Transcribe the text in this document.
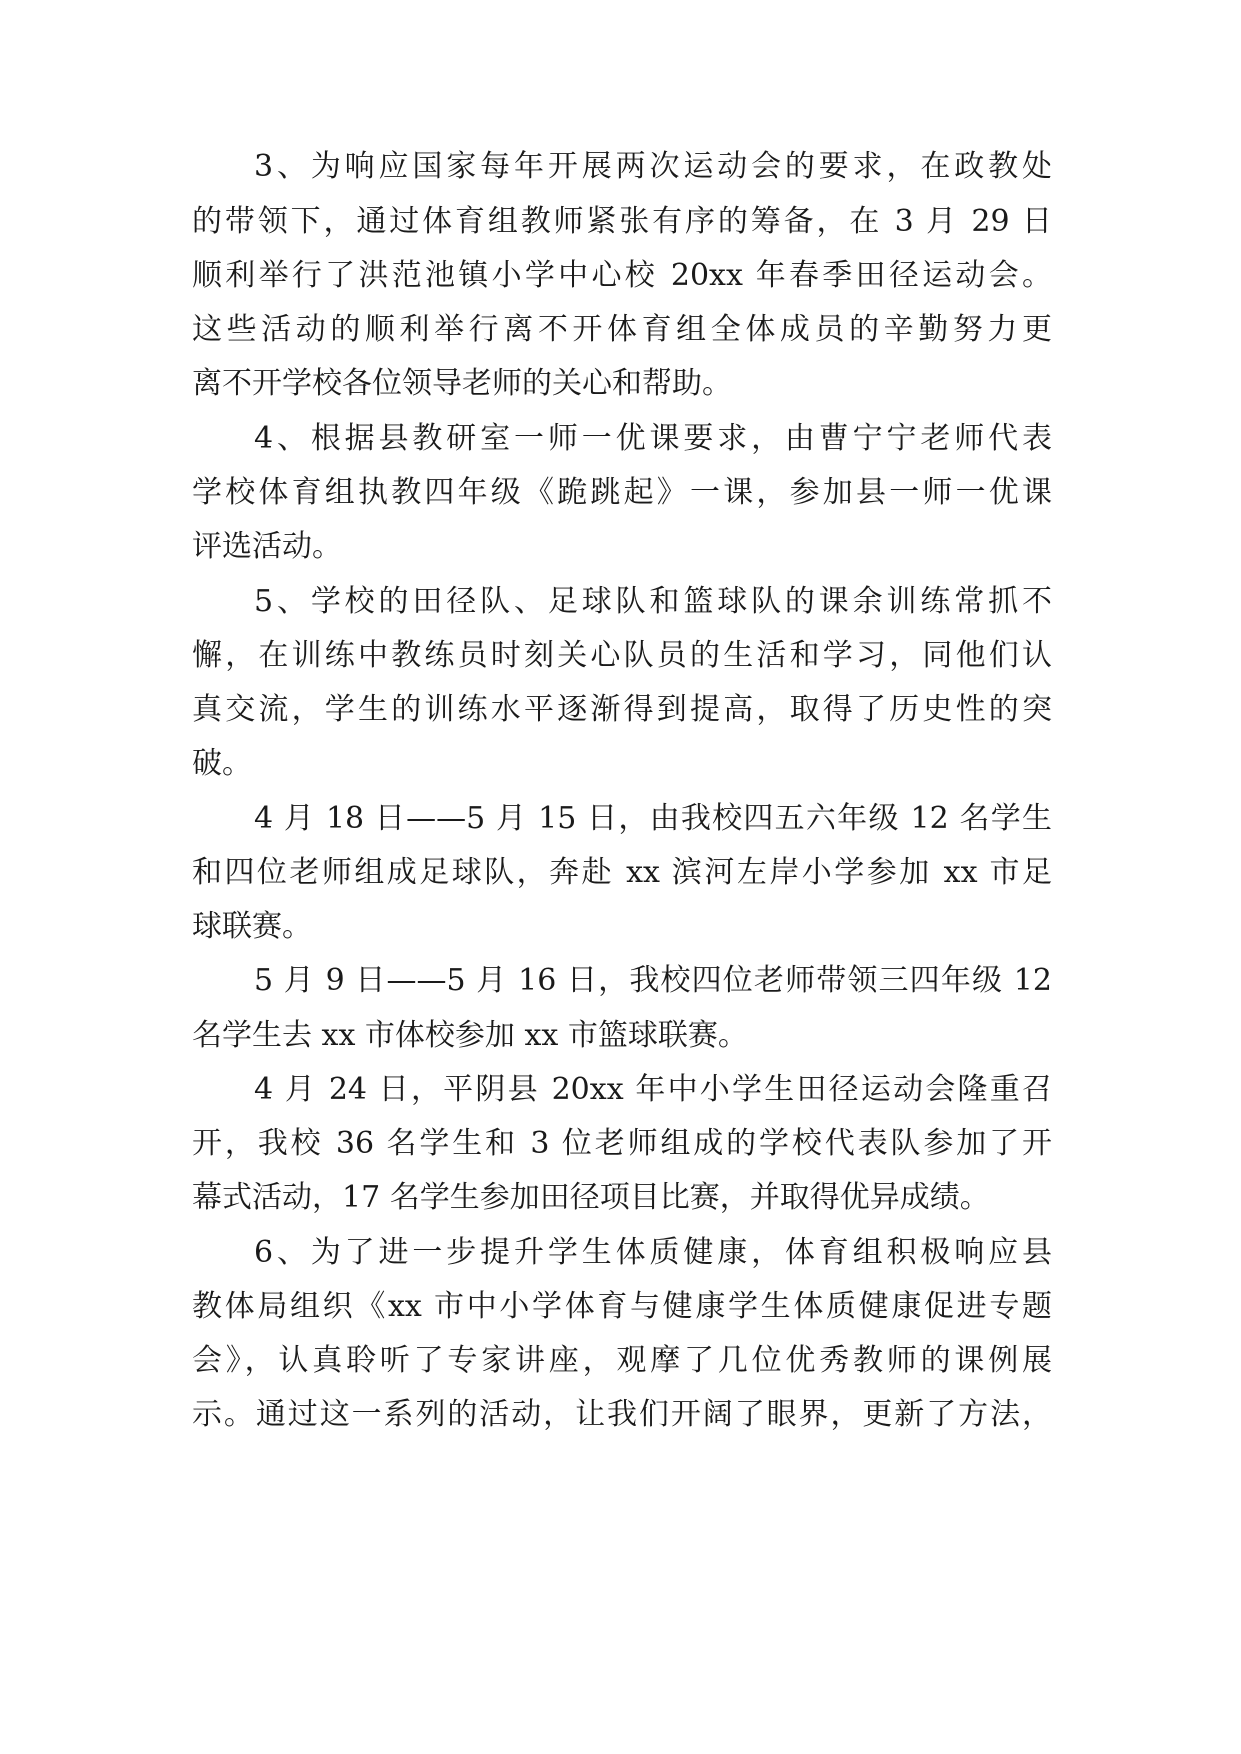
3、为响应国家每年开展两次运动会的要求，在政教处
的带领下，通过体育组教师紧张有序的筹备，在 3 月 29 日
顺利举行了洪范池镇小学中心校 20xx 年春季田径运动会。
这些活动的顺利举行离不开体育组全体成员的辛勤努力更
离不开学校各位领导老师的关心和帮助。
4、根据县教研室一师一优课要求，由曹宁宁老师代表
学校体育组执教四年级《跪跳起》一课，参加县一师一优课
评选活动。
5、学校的田径队、足球队和篮球队的课余训练常抓不
懈，在训练中教练员时刻关心队员的生活和学习，同他们认
真交流，学生的训练水平逐渐得到提高，取得了历史性的突
破。
4 月 18 日——5 月 15 日，由我校四五六年级 12 名学生
和四位老师组成足球队，奔赴 xx 滨河左岸小学参加 xx 市足
球联赛。
5 月 9 日——5 月 16 日，我校四位老师带领三四年级 12
名学生去 xx 市体校参加 xx 市篮球联赛。
4 月 24 日，平阴县 20xx 年中小学生田径运动会隆重召
开，我校 36 名学生和 3 位老师组成的学校代表队参加了开
幕式活动，17 名学生参加田径项目比赛，并取得优异成绩。
6、为了进一步提升学生体质健康，体育组积极响应县
教体局组织《xx 市中小学体育与健康学生体质健康促进专题
会》，认真聆听了专家讲座，观摩了几位优秀教师的课例展
示。通过这一系列的活动，让我们开阔了眼界，更新了方法，
